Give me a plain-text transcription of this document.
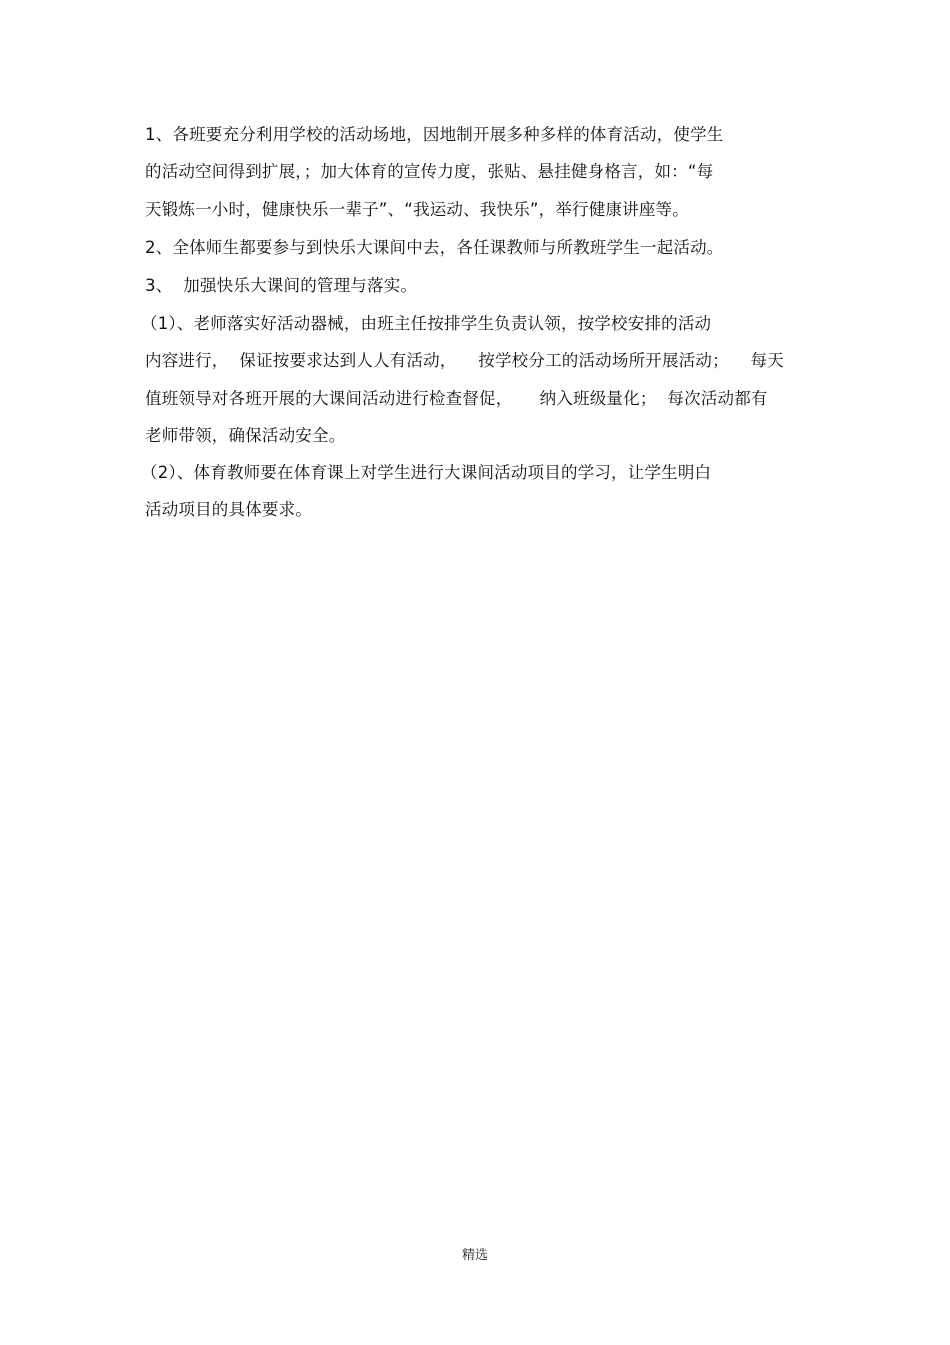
1、各班要充分利用学校的活动场地，因地制开展多种多样的体育活动，使学生
的活动空间得到扩展，；加大体育的宣传力度，张贴、悬挂健身格言，如：“每
天锻炼一小时，健康快乐一辈子”、“我运动、我快乐”，举行健康讲座等。
2、全体师生都要参与到快乐大课间中去，各任课教师与所教班学生一起活动。
3、  加强快乐大课间的管理与落实。
（1）、老师落实好活动器械，由班主任按排学生负责认领，按学校安排的活动
内容进行，  保证按要求达到人人有活动，    按学校分工的活动场所开展活动；    每天
值班领导对各班开展的大课间活动进行检查督促，     纳入班级量化；  每次活动都有
老师带领，确保活动安全。
（2）、体育教师要在体育课上对学生进行大课间活动项目的学习，让学生明白
活动项目的具体要求。
精选
